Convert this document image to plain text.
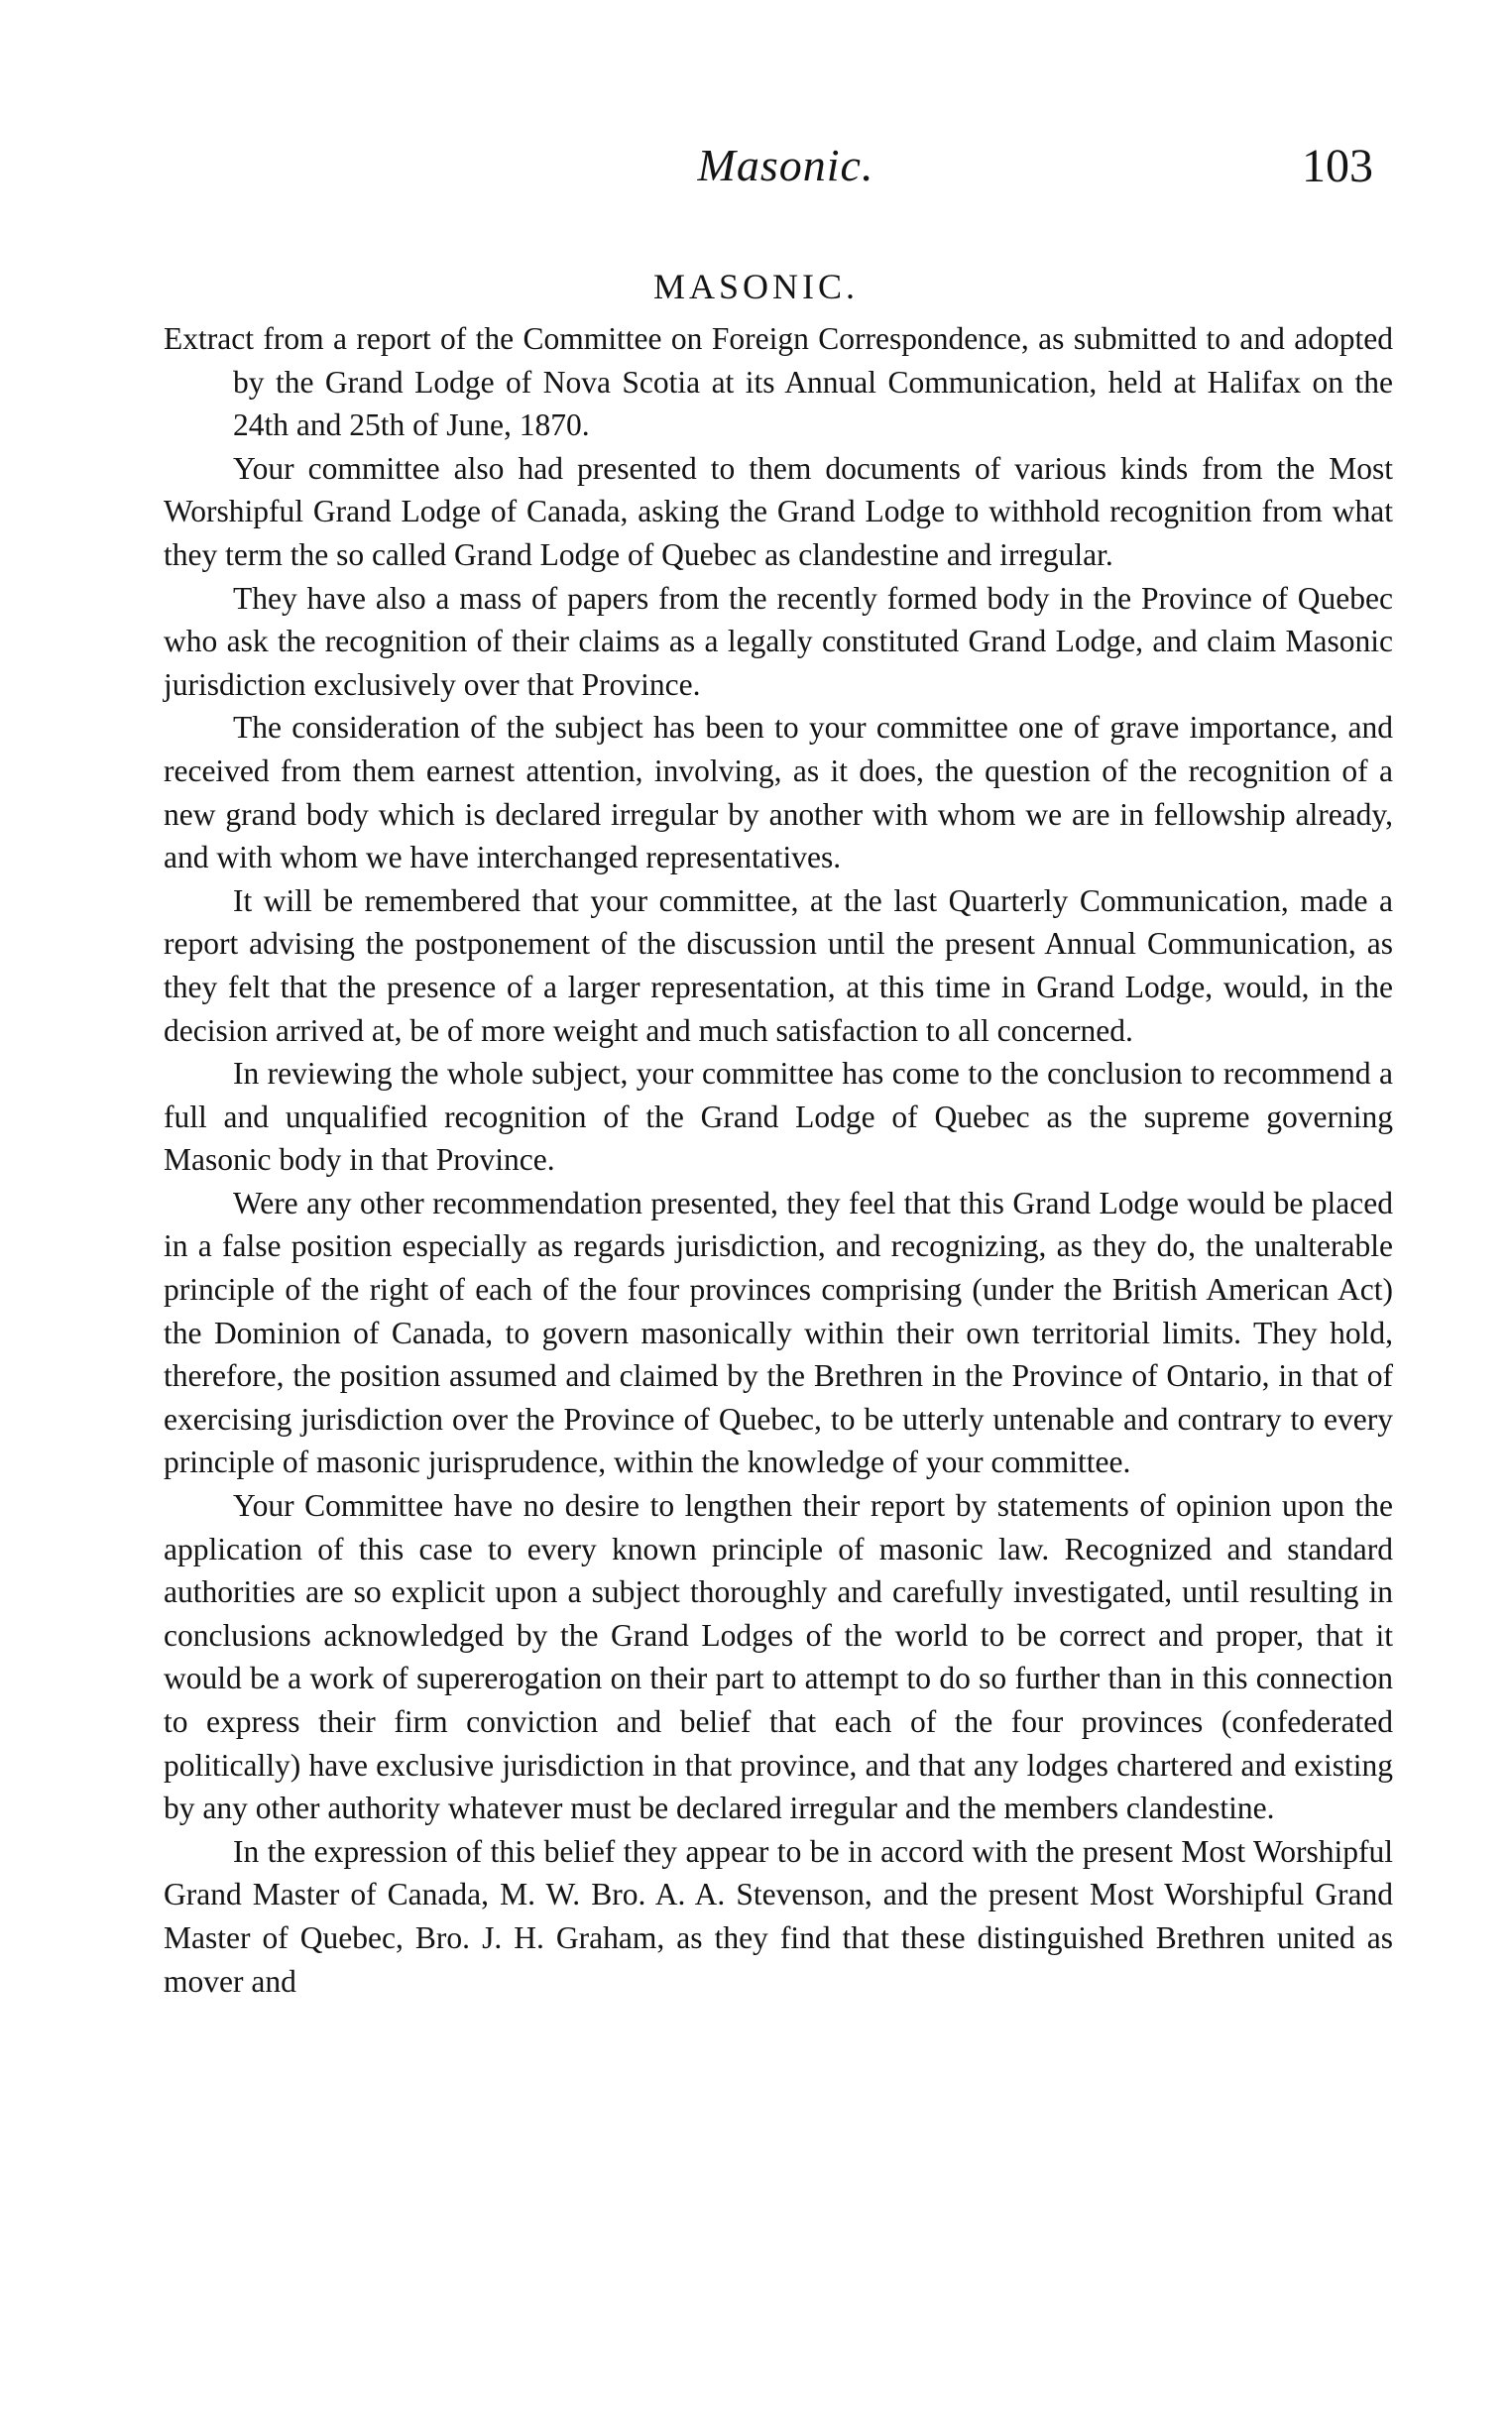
Masonic.	103
MASONIC.

Extract from a report of the Committee on Foreign Correspondence, as submitted to and adopted by the Grand Lodge of Nova Scotia at its Annual Communication, held at Halifax on the 24th and 25th of June, 1870.

Your committee also had presented to them documents of various kinds from the Most Worshipful Grand Lodge of Canada, asking the Grand Lodge to withhold recognition from what they term the so called Grand Lodge of Quebec as clandestine and irregular.

They have also a mass of papers from the recently formed body in the Province of Quebec who ask the recognition of their claims as a legally constituted Grand Lodge, and claim Masonic jurisdiction exclusively over that Province.

The consideration of the subject has been to your committee one of grave importance, and received from them earnest attention, involving, as it does, the question of the recognition of a new grand body which is declared irregular by another with whom we are in fellowship already, and with whom we have interchanged representatives.

It will be remembered that your committee, at the last Quarterly Communication, made a report advising the postponement of the discussion until the present Annual Communication, as they felt that the presence of a larger representation, at this time in Grand Lodge, would, in the decision arrived at, be of more weight and much satisfaction to all concerned.

In reviewing the whole subject, your committee has come to the conclusion to recommend a full and unqualified recognition of the Grand Lodge of Quebec as the supreme governing Masonic body in that Province.

Were any other recommendation presented, they feel that this Grand Lodge would be placed in a false position especially as regards jurisdiction, and recognizing, as they do, the unalterable principle of the right of each of the four provinces comprising (under the British American Act) the Dominion of Canada, to govern masonically within their own territorial limits. They hold, therefore, the position assumed and claimed by the Brethren in the Province of Ontario, in that of exercising jurisdiction over the Province of Quebec, to be utterly untenable and contrary to every principle of masonic jurisprudence, within the knowledge of your committee.

Your Committee have no desire to lengthen their report by statements of opinion upon the application of this case to every known principle of masonic law. Recognized and standard authorities are so explicit upon a subject thoroughly and carefully investigated, until resulting in conclusions acknowledged by the Grand Lodges of the world to be correct and proper, that it would be a work of supererogation on their part to attempt to do so further than in this connection to express their firm conviction and belief that each of the four provinces (confederated politically) have exclusive jurisdiction in that province, and that any lodges chartered and existing by any other authority whatever must be declared irregular and the members clandestine.

In the expression of this belief they appear to be in accord with the present Most Worshipful Grand Master of Canada, M. W. Bro. A. A. Stevenson, and the present Most Worshipful Grand Master of Quebec, Bro. J. H. Graham, as they find that these distinguished Brethren united as mover and
